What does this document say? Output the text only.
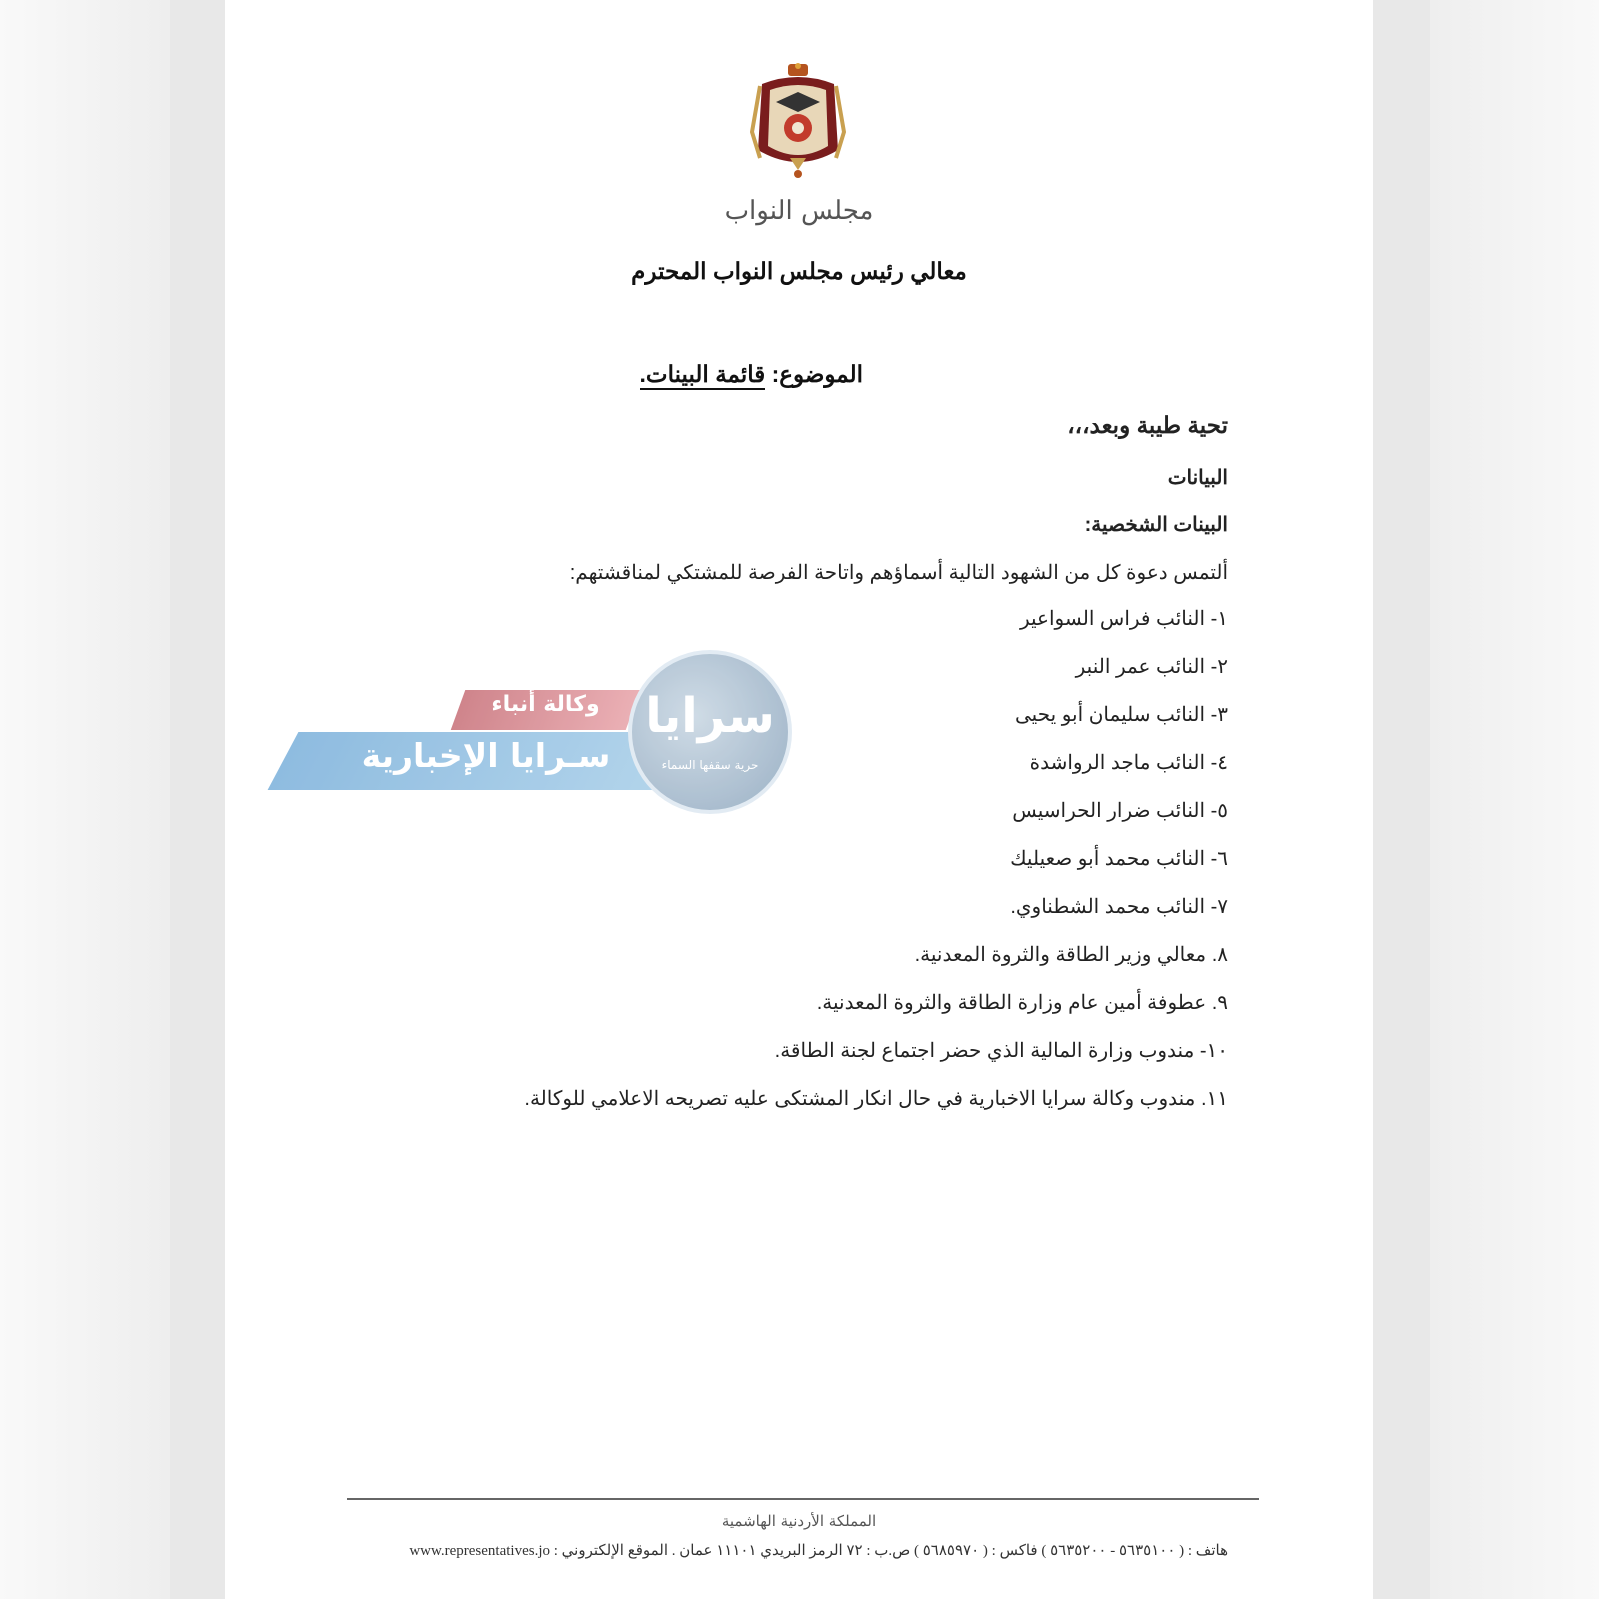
مجلس النواب
معالي رئيس مجلس النواب المحترم
الموضوع: قائمة البينات.
تحية طيبة وبعد،،،
البيانات
البينات الشخصية:
ألتمس دعوة كل من الشهود التالية أسماؤهم واتاحة الفرصة للمشتكي لمناقشتهم:
١- النائب فراس السواعير
٢- النائب عمر النبر
٣- النائب سليمان أبو يحيى
٤- النائب ماجد الرواشدة
٥- النائب ضرار الحراسيس
٦- النائب محمد أبو صعيليك
٧- النائب محمد الشطناوي.
٨. معالي وزير الطاقة والثروة المعدنية.
٩. عطوفة أمين عام وزارة الطاقة والثروة المعدنية.
١٠- مندوب وزارة المالية الذي حضر اجتماع لجنة الطاقة.
١١. مندوب وكالة سرايا الاخبارية في حال انكار المشتكى عليه تصريحه الاعلامي للوكالة.
المملكة الأردنية الهاشمية
هاتف : ( ٥٦٣٥١٠٠ - ٥٦٣٥٢٠٠ ) فاكس : ( ٥٦٨٥٩٧٠ ) ص.ب : ٧٢ الرمز البريدي ١١١٠١ عمان . الموقع الإلكتروني : www.representatives.jo
وكالة أنباء
سـرايا الإخبارية
سرايا
حرية سقفها السماء
